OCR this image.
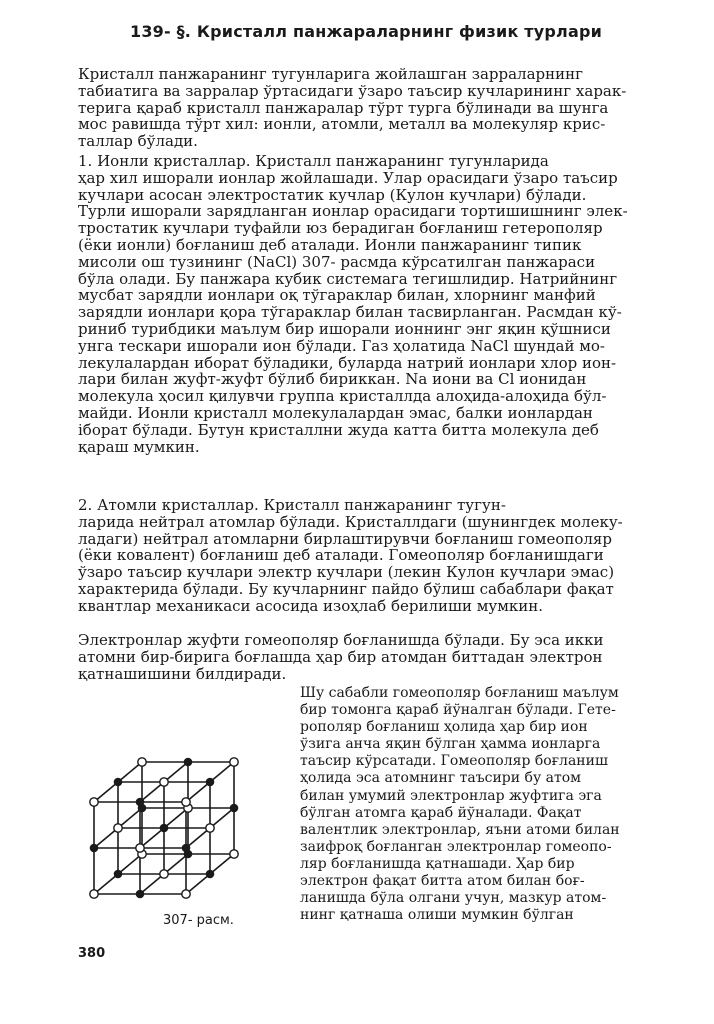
139- §. Кристалл панжараларнинг физик турлари
Кристалл панжаранинг тугунларига жойлашган зарраларнинг
табиатига ва зарралар ўртасидаги ўзаро таъсир кучларининг харак-
терига қараб кристалл панжаралар тўрт турга бўлинади ва шунга
мос равишда тўрт хил: ионли, атомли, металл ва молекуляр крис-
таллар бўлади.
1. Ионли кристаллар. Кристалл панжаранинг тугунларида
ҳар хил ишорали ионлар жойлашади. Улар орасидаги ўзаро таъсир
кучлари асосан электростатик кучлар (Кулон кучлари) бўлади.
Турли ишорали зарядланган ионлар орасидаги тортишишнинг элек-
тростатик кучлари туфайли юз берадиган боғланиш гетерополяр
(ёки ионли) боғланиш деб аталади. Ионли панжаранинг типик
мисоли ош тузининг (NaCl) 307- расмда кўрсатилган панжараси
бўла олади. Бу панжара кубик системага тегишлидир. Натрийнинг
мусбат зарядли ионлари оқ тўгараклар билан, хлорнинг манфий
зарядли ионлари қора тўгараклар билан тасвирланган. Расмдан кў-
риниб турибдики маълум бир ишорали ионнинг энг яқин қўшниси
унга тескари ишорали ион бўлади. Газ ҳолатида NaCl шундай мо-
лекулалардан иборат бўладики, буларда натрий ионлари хлор ион-
лари билан жуфт-жуфт бўлиб бириккан. Na иони ва Cl ионидан
молекула ҳосил қилувчи группа кристаллда алоҳида-алоҳида бўл-
майди. Ионли кристалл молекулалардан эмас, балки ионлардан
iборат бўлади. Бутун кристаллни жуда катта битта молекула деб
қараш мумкин.
2. Атомли кристаллар. Кристалл панжаранинг тугун-
ларида нейтрал атомлар бўлади. Кристаллдаги (шунингдек молеку-
ладаги) нейтрал атомларни бирлаштирувчи боғланиш гомеополяр
(ёки ковалент) боғланиш деб аталади. Гомеополяр боғланишдаги
ўзаро таъсир кучлари электр кучлари (лекин Кулон кучлари эмас)
характерида бўлади. Бу кучларнинг пайдо бўлиш сабаблари фақат
квантлар механикаси асосида изоҳлаб берилиши мумкин.
Электронлар жуфти гомеополяр боғланишда бўлади. Бу эса икки
атомни бир-бирига боғлашда ҳар бир атомдан биттадан электрон
қатнашишини билдиради.
Шу сабабли гомеополяр боғланиш маълум
бир томонга қараб йўналган бўлади. Гете-
рополяр боғланиш ҳолида ҳар бир ион
ўзига анча яқин бўлган ҳамма ионларга
таъсир кўрсатади. Гомеополяр боғланиш
ҳолида эса атомнинг таъсири бу атом
билан умумий электронлар жуфтига эга
бўлган атомга қараб йўналади. Фақат
валентлик электронлар, яъни атоми билан
заифроқ боғланган электронлар гомеопо-
ляр боғланишда қатнашади. Ҳар бир
электрон фақат битта атом билан боғ-
ланишда бўла олгани учун, мазкур атом-
нинг қатнаша олиши мумкин бўлган
307- расм.
380
